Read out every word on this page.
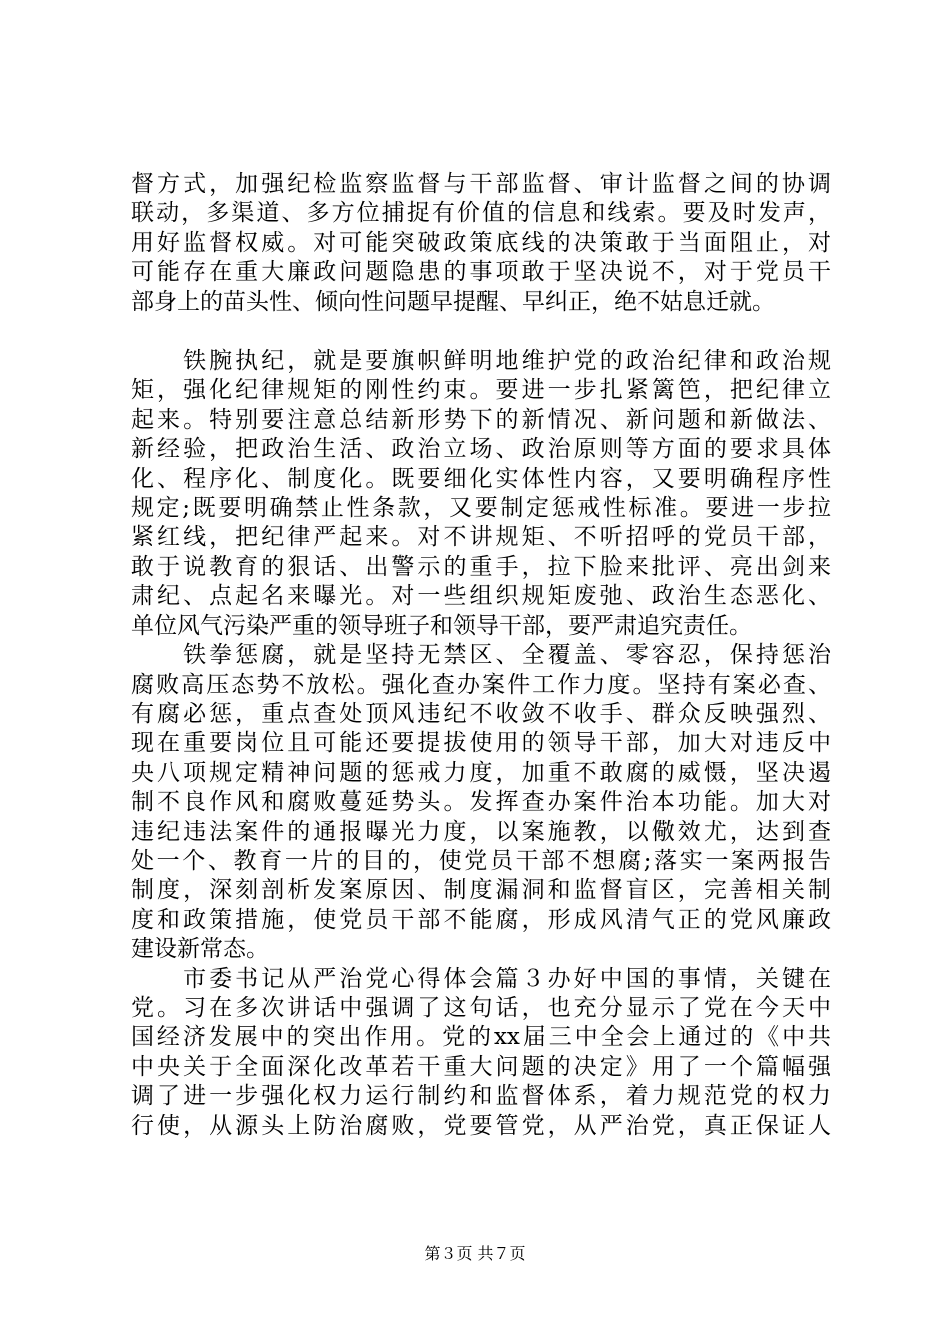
督方式，加强纪检监察监督与干部监督、审计监督之间的协调
联动，多渠道、多方位捕捉有价值的信息和线索。要及时发声，
用好监督权威。对可能突破政策底线的决策敢于当面阻止，对
可能存在重大廉政问题隐患的事项敢于坚决说不，对于党员干
部身上的苗头性、倾向性问题早提醒、早纠正，绝不姑息迁就。

　　铁腕执纪，就是要旗帜鲜明地维护党的政治纪律和政治规
矩，强化纪律规矩的刚性约束。要进一步扎紧篱笆，把纪律立
起来。特别要注意总结新形势下的新情况、新问题和新做法、
新经验，把政治生活、政治立场、政治原则等方面的要求具体
化、程序化、制度化。既要细化实体性内容，又要明确程序性
规定;既要明确禁止性条款，又要制定惩戒性标准。要进一步拉
紧红线，把纪律严起来。对不讲规矩、不听招呼的党员干部，
敢于说教育的狠话、出警示的重手，拉下脸来批评、亮出剑来
肃纪、点起名来曝光。对一些组织规矩废弛、政治生态恶化、
单位风气污染严重的领导班子和领导干部，要严肃追究责任。

　　铁拳惩腐，就是坚持无禁区、全覆盖、零容忍，保持惩治
腐败高压态势不放松。强化查办案件工作力度。坚持有案必查、
有腐必惩，重点查处顶风违纪不收敛不收手、群众反映强烈、
现在重要岗位且可能还要提拔使用的领导干部，加大对违反中
央八项规定精神问题的惩戒力度，加重不敢腐的威慑，坚决遏
制不良作风和腐败蔓延势头。发挥查办案件治本功能。加大对
违纪违法案件的通报曝光力度，以案施教，以儆效尤，达到查
处一个、教育一片的目的，使党员干部不想腐;落实一案两报告
制度，深刻剖析发案原因、制度漏洞和监督盲区，完善相关制
度和政策措施，使党员干部不能腐，形成风清气正的党风廉政
建设新常态。

　　市委书记从严治党心得体会篇３办好中国的事情，关键在
党。习在多次讲话中强调了这句话，也充分显示了党在今天中
国经济发展中的突出作用。党的xx届三中全会上通过的《中共
中央关于全面深化改革若干重大问题的决定》用了一个篇幅强
调了进一步强化权力运行制约和监督体系，着力规范党的权力
行使，从源头上防治腐败，党要管党，从严治党，真正保证人

第３页 共７页
